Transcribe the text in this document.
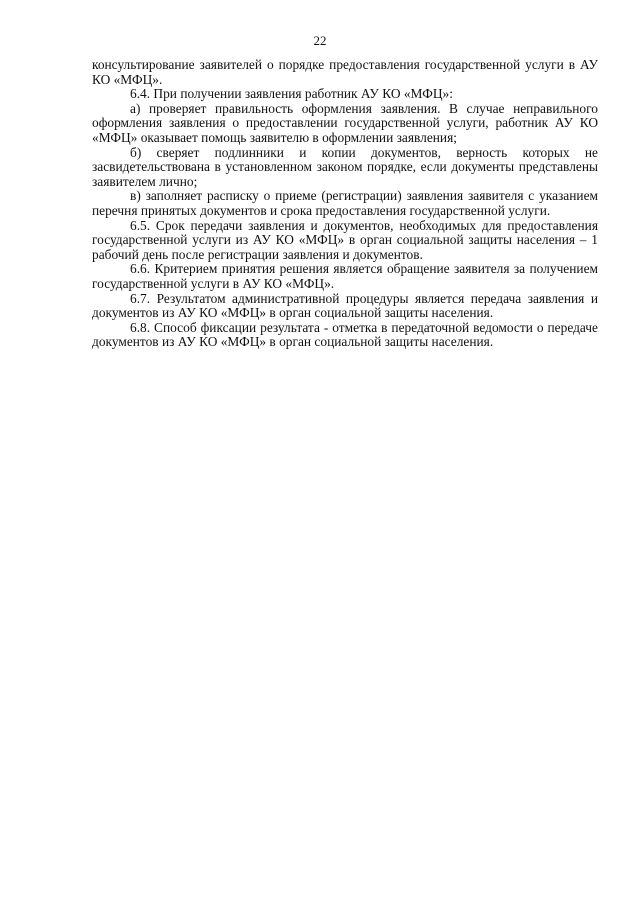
22

консультирование заявителей о порядке предоставления государственной услуги в АУ КО «МФЦ».

6.4. При получении заявления работник АУ КО «МФЦ»:

а) проверяет правильность оформления заявления. В случае неправильного оформления заявления о предоставлении государственной услуги, работник АУ КО «МФЦ» оказывает помощь заявителю в оформлении заявления;

б) сверяет подлинники и копии документов, верность которых не засвидетельствована в установленном законом порядке, если документы представлены заявителем лично;

в) заполняет расписку о приеме (регистрации) заявления заявителя с указанием перечня принятых документов и срока предоставления государственной услуги.

6.5. Срок передачи заявления и документов, необходимых для предоставления государственной услуги из АУ КО «МФЦ» в орган социальной защиты населения – 1 рабочий день после регистрации заявления и документов.

6.6. Критерием принятия решения является обращение заявителя за получением государственной услуги в АУ КО «МФЦ».

6.7. Результатом административной процедуры является передача заявления и документов из АУ КО «МФЦ» в орган социальной защиты населения.

6.8. Способ фиксации результата - отметка в передаточной ведомости о передаче документов из АУ КО «МФЦ» в орган социальной защиты населения.
